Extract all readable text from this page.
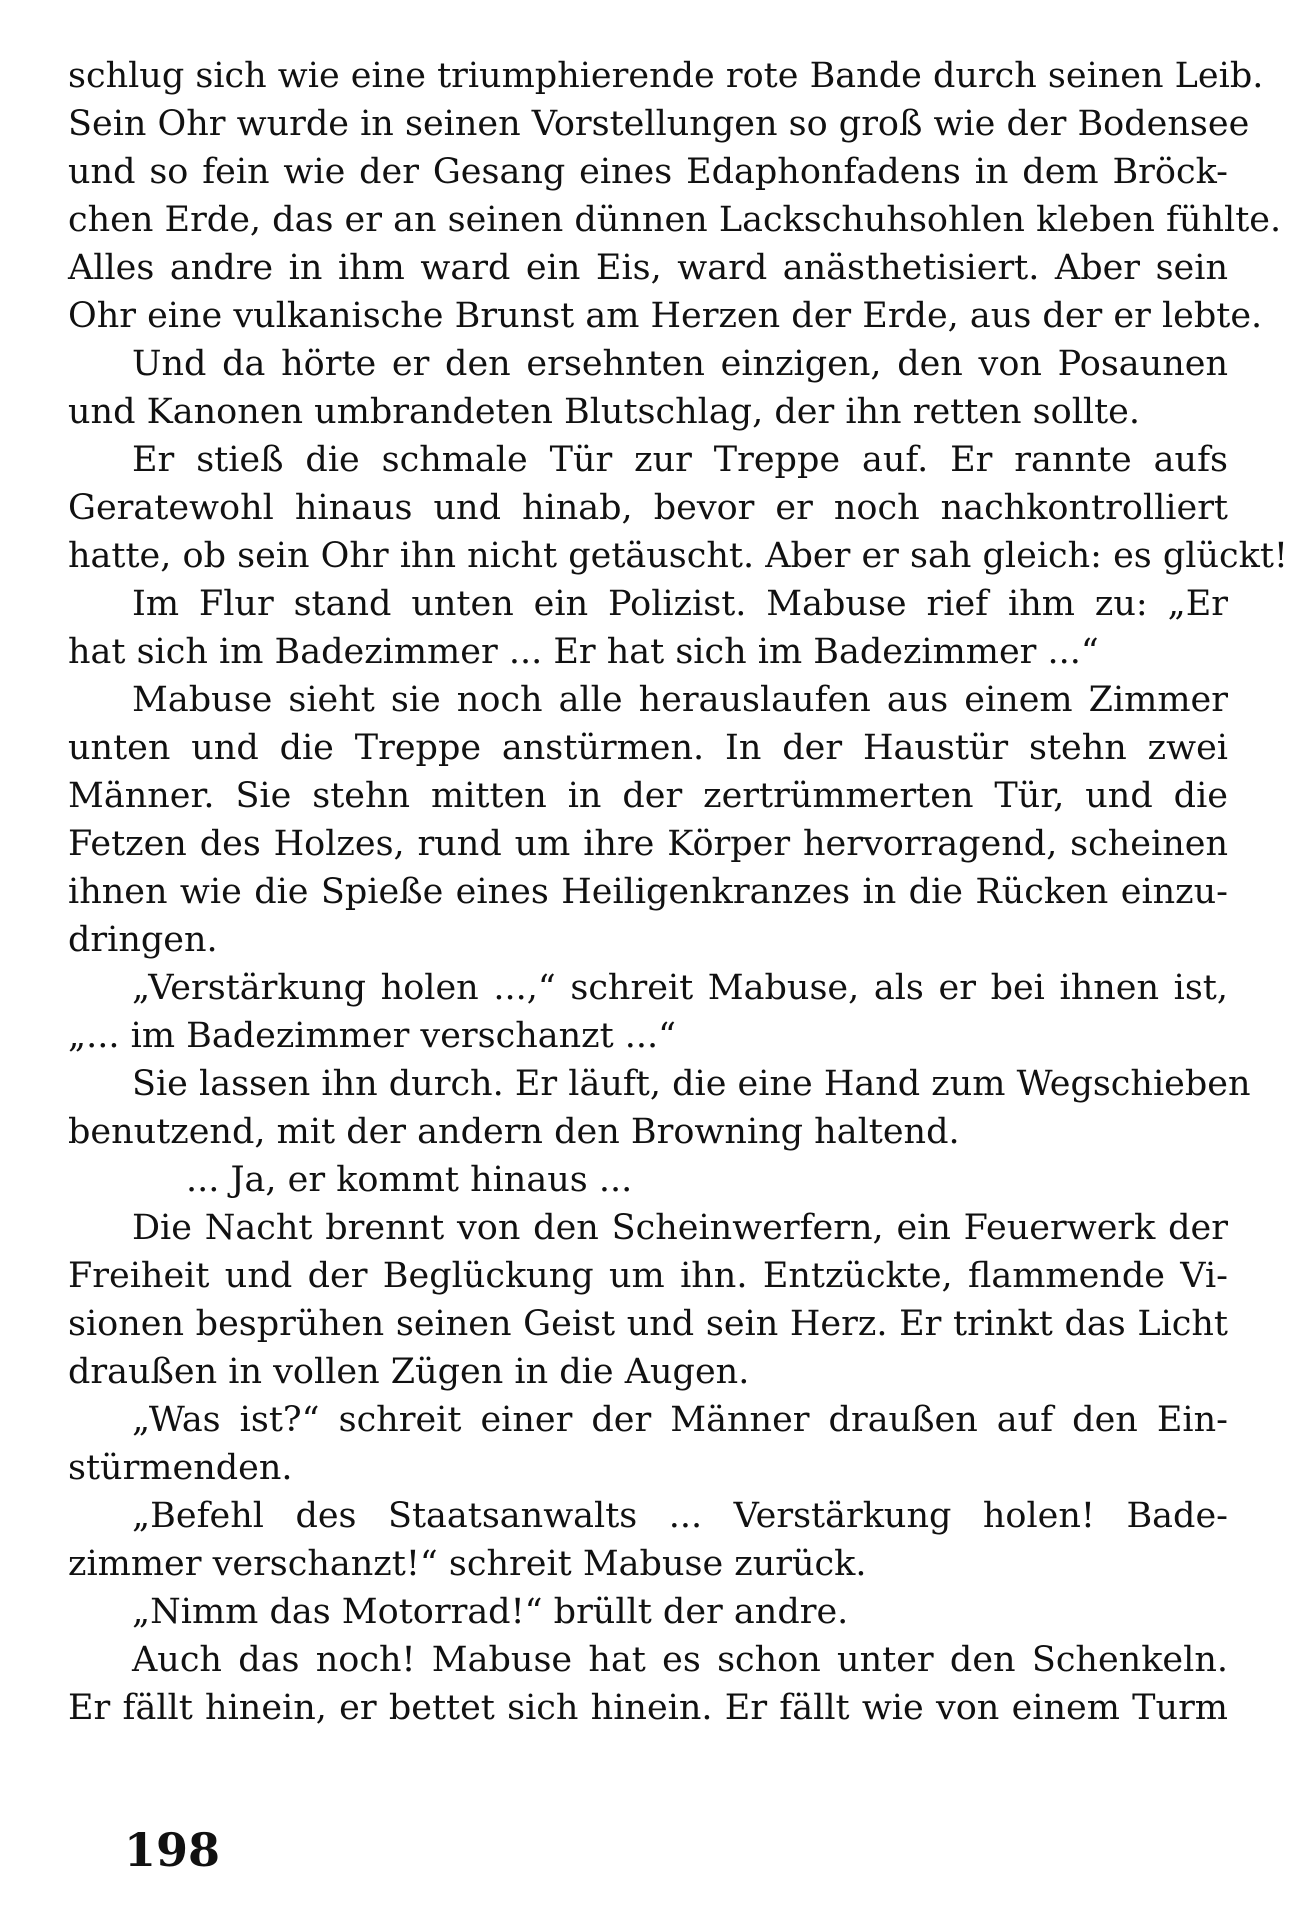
schlug sich wie eine triumphierende rote Bande durch seinen Leib.
Sein Ohr wurde in seinen Vorstellungen so groß wie der Bodensee
und so fein wie der Gesang eines Edaphonfadens in dem Bröck-
chen Erde, das er an seinen dünnen Lackschuhsohlen kleben fühlte.
Alles andre in ihm ward ein Eis, ward anästhetisiert. Aber sein
Ohr eine vulkanische Brunst am Herzen der Erde, aus der er lebte.
Und da hörte er den ersehnten einzigen, den von Posaunen
und Kanonen umbrandeten Blutschlag, der ihn retten sollte.
Er stieß die schmale Tür zur Treppe auf. Er rannte aufs
Geratewohl hinaus und hinab, bevor er noch nachkontrolliert
hatte, ob sein Ohr ihn nicht getäuscht. Aber er sah gleich: es glückt!
Im Flur stand unten ein Polizist. Mabuse rief ihm zu: „Er
hat sich im Badezimmer ... Er hat sich im Badezimmer ...“
Mabuse sieht sie noch alle herauslaufen aus einem Zimmer
unten und die Treppe anstürmen. In der Haustür stehn zwei
Männer. Sie stehn mitten in der zertrümmerten Tür, und die
Fetzen des Holzes, rund um ihre Körper hervorragend, scheinen
ihnen wie die Spieße eines Heiligenkranzes in die Rücken einzu-
dringen.
„Verstärkung holen ...,“ schreit Mabuse, als er bei ihnen ist,
„... im Badezimmer verschanzt ...“
Sie lassen ihn durch. Er läuft, die eine Hand zum Wegschieben
benutzend, mit der andern den Browning haltend.
... Ja, er kommt hinaus ...
Die Nacht brennt von den Scheinwerfern, ein Feuerwerk der
Freiheit und der Beglückung um ihn. Entzückte, flammende Vi-
sionen besprühen seinen Geist und sein Herz. Er trinkt das Licht
draußen in vollen Zügen in die Augen.
„Was ist?“ schreit einer der Männer draußen auf den Ein-
stürmenden.
„Befehl des Staatsanwalts ... Verstärkung holen! Bade-
zimmer verschanzt!“ schreit Mabuse zurück.
„Nimm das Motorrad!“ brüllt der andre.
Auch das noch! Mabuse hat es schon unter den Schenkeln.
Er fällt hinein, er bettet sich hinein. Er fällt wie von einem Turm
198
